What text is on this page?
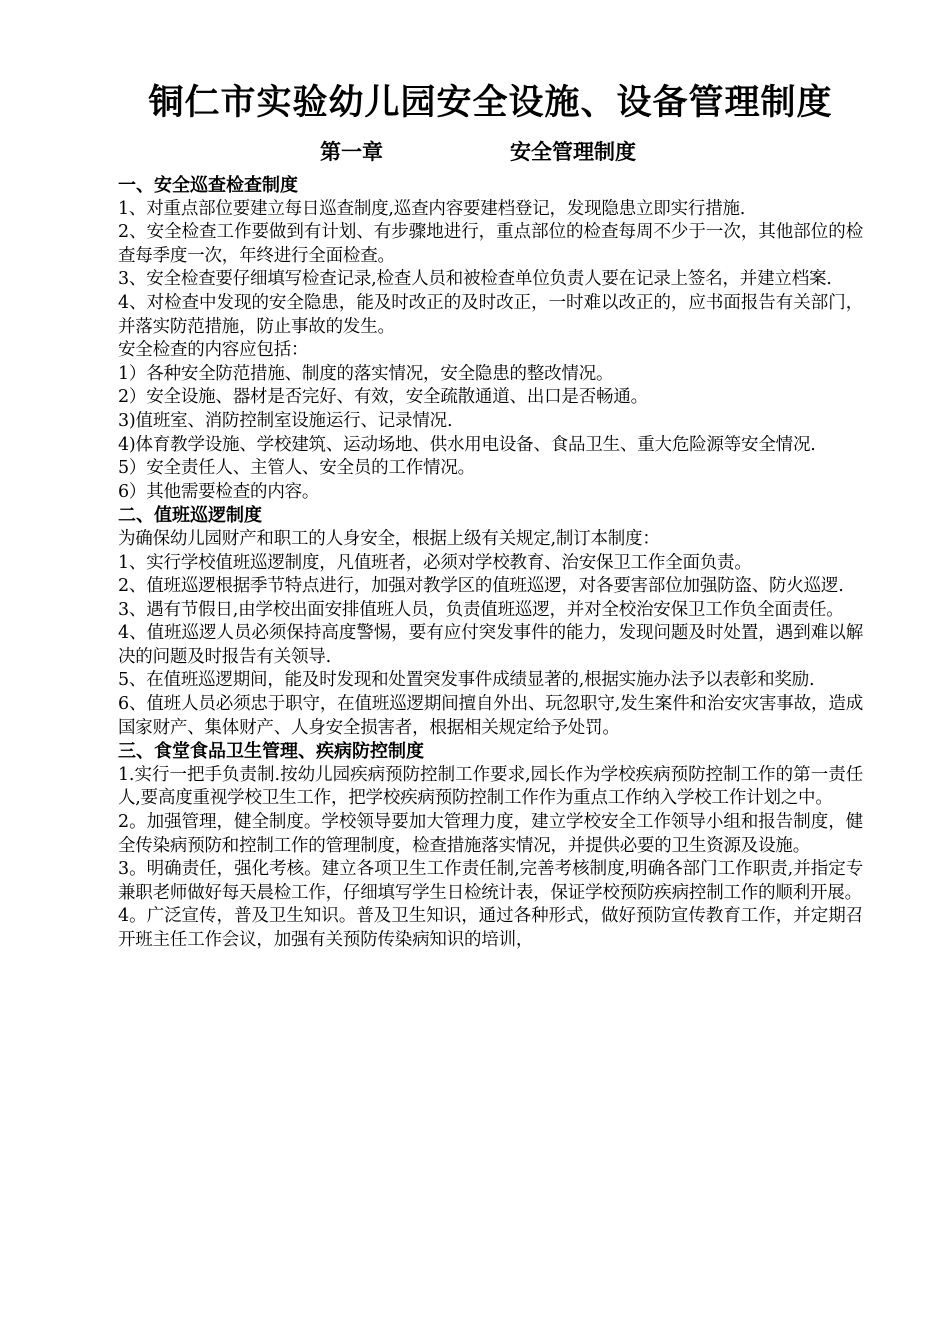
铜仁市实验幼儿园安全设施、设备管理制度
第一章	安全管理制度

一、安全巡查检查制度

1、对重点部位要建立每日巡查制度,巡查内容要建档登记，发现隐患立即实行措施.

2、安全检查工作要做到有计划、有步骤地进行，重点部位的检查每周不少于一次，其他部位的检查每季度一次，年终进行全面检查。

3、安全检查要仔细填写检查记录,检查人员和被检查单位负责人要在记录上签名，并建立档案.

4、对检查中发现的安全隐患，能及时改正的及时改正，一时难以改正的，应书面报告有关部门，并落实防范措施，防止事故的发生。

安全检查的内容应包括：

1）各种安全防范措施、制度的落实情况，安全隐患的整改情况。

2）安全设施、器材是否完好、有效，安全疏散通道、出口是否畅通。

3)值班室、消防控制室设施运行、记录情况.

4)体育教学设施、学校建筑、运动场地、供水用电设备、食品卫生、重大危险源等安全情况.

5）安全责任人、主管人、安全员的工作情况。

6）其他需要检查的内容。

二、值班巡逻制度

为确保幼儿园财产和职工的人身安全，根据上级有关规定,制订本制度：

1、实行学校值班巡逻制度，凡值班者，必须对学校教育、治安保卫工作全面负责。

2、值班巡逻根据季节特点进行，加强对教学区的值班巡逻，对各要害部位加强防盗、防火巡逻.

3、遇有节假日,由学校出面安排值班人员，负责值班巡逻，并对全校治安保卫工作负全面责任。

4、值班巡逻人员必须保持高度警惕，要有应付突发事件的能力，发现问题及时处置，遇到难以解决的问题及时报告有关领导.

5、在值班巡逻期间，能及时发现和处置突发事件成绩显著的,根据实施办法予以表彰和奖励.

6、值班人员必须忠于职守，在值班巡逻期间擅自外出、玩忽职守,发生案件和治安灾害事故，造成国家财产、集体财产、人身安全损害者，根据相关规定给予处罚。

三、食堂食品卫生管理、疾病防控制度

1.实行一把手负责制.按幼儿园疾病预防控制工作要求,园长作为学校疾病预防控制工作的第一责任人,要高度重视学校卫生工作，把学校疾病预防控制工作作为重点工作纳入学校工作计划之中。

2。加强管理，健全制度。学校领导要加大管理力度，建立学校安全工作领导小组和报告制度，健全传染病预防和控制工作的管理制度，检查措施落实情况，并提供必要的卫生资源及设施。

3。明确责任，强化考核。建立各项卫生工作责任制,完善考核制度,明确各部门工作职责,并指定专兼职老师做好每天晨检工作，仔细填写学生日检统计表，保证学校预防疾病控制工作的顺利开展。

4。广泛宣传，普及卫生知识。普及卫生知识，通过各种形式，做好预防宣传教育工作，并定期召开班主任工作会议，加强有关预防传染病知识的培训，
